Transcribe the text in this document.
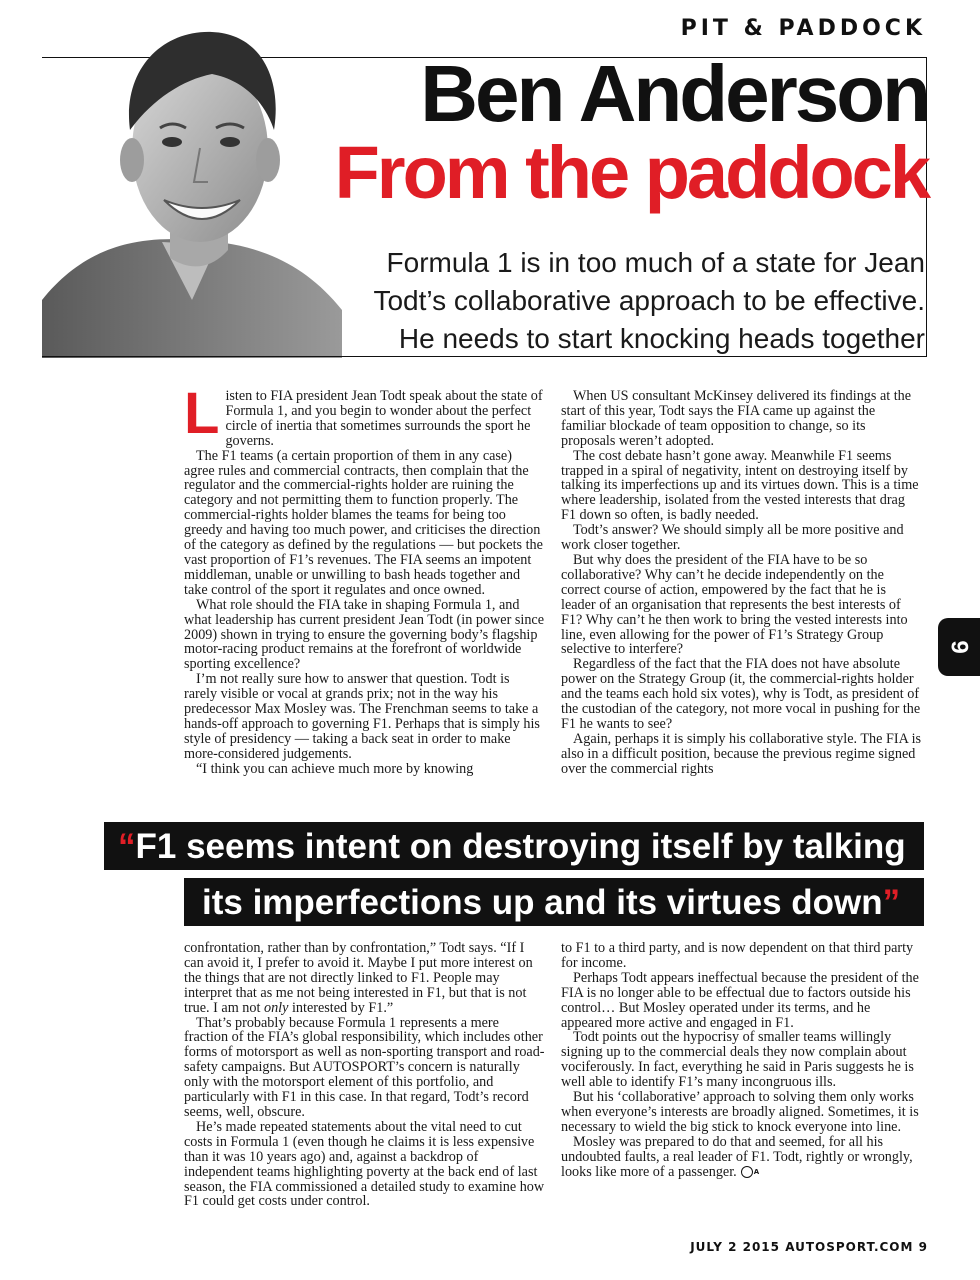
PIT & PADDOCK
Ben Anderson
From the paddock
Formula 1 is in too much of a state for Jean Todt’s collaborative approach to be effective. He needs to start knocking heads together

Listen to FIA president Jean Todt speak about the state of Formula 1, and you begin to wonder about the perfect circle of inertia that sometimes surrounds the sport he governs.

The F1 teams (a certain proportion of them in any case) agree rules and commercial contracts, then complain that the regulator and the commercial-rights holder are ruining the category and not permitting them to function properly. The commercial-rights holder blames the teams for being too greedy and having too much power, and criticises the direction of the category as defined by the regulations — but pockets the vast proportion of F1’s revenues. The FIA seems an impotent middleman, unable or unwilling to bash heads together and take control of the sport it regulates and once owned.

What role should the FIA take in shaping Formula 1, and what leadership has current president Jean Todt (in power since 2009) shown in trying to ensure the governing body’s flagship motor-racing product remains at the forefront of worldwide sporting excellence?

I’m not really sure how to answer that question. Todt is rarely visible or vocal at grands prix; not in the way his predecessor Max Mosley was. The Frenchman seems to take a hands-off approach to governing F1. Perhaps that is simply his style of presidency — taking a back seat in order to make more-considered judgements.

“I think you can achieve much more by knowing

When US consultant McKinsey delivered its findings at the start of this year, Todt says the FIA came up against the familiar blockade of team opposition to change, so its proposals weren’t adopted.

The cost debate hasn’t gone away. Meanwhile F1 seems trapped in a spiral of negativity, intent on destroying itself by talking its imperfections up and its virtues down. This is a time where leadership, isolated from the vested interests that drag F1 down so often, is badly needed.

Todt’s answer? We should simply all be more positive and work closer together.

But why does the president of the FIA have to be so collaborative? Why can’t he decide independently on the correct course of action, empowered by the fact that he is leader of an organisation that represents the best interests of F1? Why can’t he then work to bring the vested interests into line, even allowing for the power of F1’s Strategy Group selective to interfere?

Regardless of the fact that the FIA does not have absolute power on the Strategy Group (it, the commercial-rights holder and the teams each hold six votes), why is Todt, as president of the custodian of the category, not more vocal in pushing for the F1 he wants to see?

Again, perhaps it is simply his collaborative style. The FIA is also in a difficult position, because the previous regime signed over the commercial rights

“F1 seems intent on destroying itself by talking
its imperfections up and its virtues down”

confrontation, rather than by confrontation,” Todt says. “If I can avoid it, I prefer to avoid it. Maybe I put more interest on the things that are not directly linked to F1. People may interpret that as me not being interested in F1, but that is not true. I am not only interested by F1.”

That’s probably because Formula 1 represents a mere fraction of the FIA’s global responsibility, which includes other forms of motorsport as well as non-sporting transport and road-safety campaigns. But AUTOSPORT’s concern is naturally only with the motorsport element of this portfolio, and particularly with F1 in this case. In that regard, Todt’s record seems, well, obscure.

He’s made repeated statements about the vital need to cut costs in Formula 1 (even though he claims it is less expensive than it was 10 years ago) and, against a backdrop of independent teams highlighting poverty at the back end of last season, the FIA commissioned a detailed study to examine how F1 could get costs under control.

to F1 to a third party, and is now dependent on that third party for income.

Perhaps Todt appears ineffectual because the president of the FIA is no longer able to be effectual due to factors outside his control… But Mosley operated under its terms, and he appeared more active and engaged in F1.

Todt points out the hypocrisy of smaller teams willingly signing up to the commercial deals they now complain about vociferously. In fact, everything he said in Paris suggests he is well able to identify F1’s many incongruous ills.

But his ‘collaborative’ approach to solving them only works when everyone’s interests are broadly aligned. Sometimes, it is necessary to wield the big stick to knock everyone into line.

Mosley was prepared to do that and seemed, for all his undoubted faults, a real leader of F1. Todt, rightly or wrongly, looks like more of a passenger. A

9
JULY 2 2015 AUTOSPORT.COM 9
